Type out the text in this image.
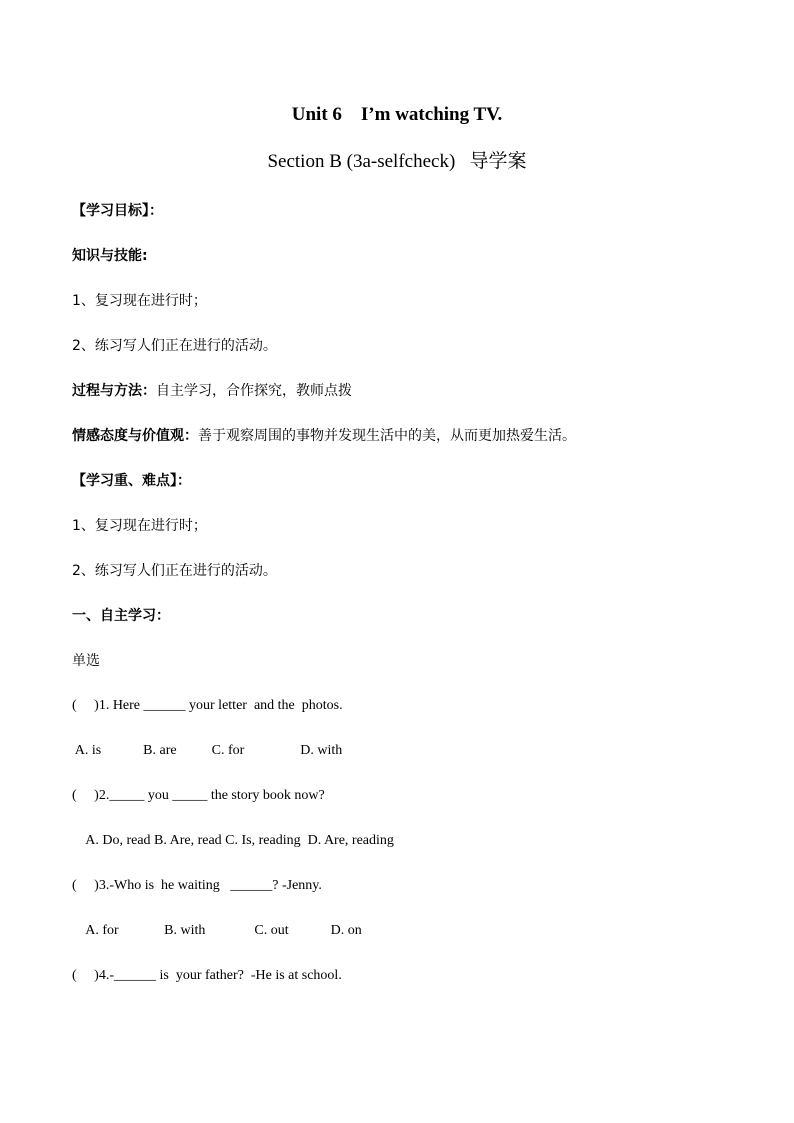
Unit 6    I’m watching TV.
Section B (3a-selfcheck)   导学案
【学习目标】：
知识与技能:
1、复习现在进行时；
2、练习写人们正在进行的活动。
过程与方法：自主学习，合作探究，教师点拨
情感态度与价值观：善于观察周围的事物并发现生活中的美，从而更加热爱生活。
【学习重、难点】：
1、复习现在进行时；
2、练习写人们正在进行的活动。
一、自主学习：
单选
(     )1. Here ______ your letter  and the  photos.
A. is            B. are          C. for                D. with
(     )2._____ you _____ the story book now?
A. Do, read B. Are, read C. Is, reading  D. Are, reading
(     )3.-Who is  he waiting   ______? -Jenny.
A. for             B. with              C. out            D. on
(     )4.-______ is  your father?  -He is at school.
